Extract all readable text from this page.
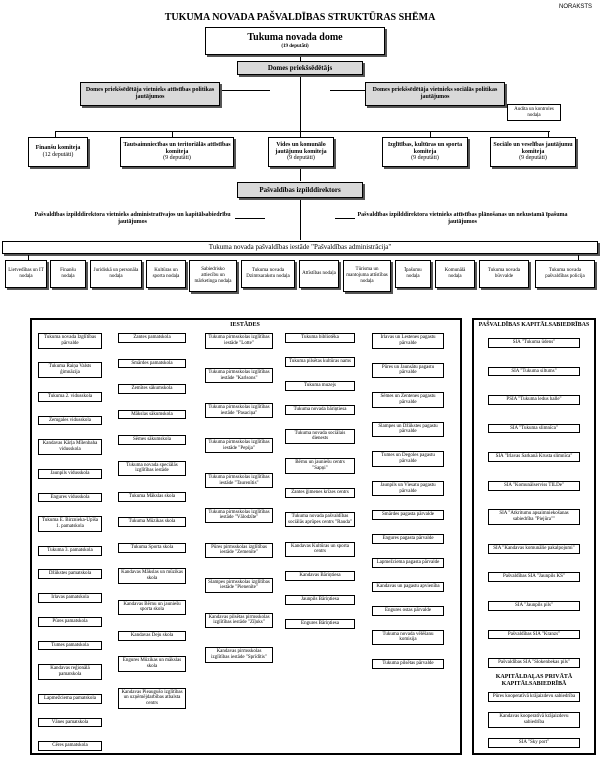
NORAKSTS
TUKUMA NOVADA PAŠVALDĪBAS STRUKTŪRAS SHĒMA
Tukuma novada dome
(19 deputāti)
Domes priekšsēdētājs
Domes priekšsēdētāja vietnieks attīstības politikas jautājumos
Domes priekšsēdētāja vietnieks sociālās politikas jautājumos
Audita un kontroles nodaļa
Finanšu komiteja
(12 deputāti)
Tautsaimniecības un teritoriālās attīstības komiteja
(9 deputāti)
Vides un komunālo jautājumu komiteja
(9 deputāti)
Izglītības, kultūras un sporta komiteja
(9 deputāti)
Sociālo un veselības jautājumu komiteja
(9 deputāti)
Pašvaldības izpilddirektors
Pašvaldības izpilddirektora vietnieks administratīvajos un kapitālsabiedrību jautājumos
Pašvaldības izpilddirektora vietnieks attīstības plānošanas un nekustamā īpašuma jautājumos
Tukuma novada pašvaldības iestāde "Pašvaldības administrācija"
Lietvedības un IT nodaļa
Finanšu nodaļa
Juridiskā un personāla nodaļa
Kultūras un sporta nodaļa
Sabiedrisko attiecību un mārketinga nodaļa
Tukuma novada Dzimtsarakstu nodaļa
Attīstības nodaļa
Tūrisma un mantojuma attīstības nodaļa
Īpašumu nodaļa
Komunālā nodaļa
Tukuma novada būvvalde
Tukuma novada pašvaldības policija
IESTĀDES
Tukuma novada Izglītības pārvalde
Tukuma Raiņa Valsts ģimnāzija
Tukuma 2. vidusskola
Zemgales vidusskola
Kandavas Kārļa Mīlenbaha vidusskola
Jaunpils vidusskola
Engures vidusskola
Tukuma E. Birznieka-Upīša 1. pamatskola
Tukuma 3. pamatskola
Džūkstes pamatskola
Irlavas pamatskola
Pūres pamatskola
Tumes pamatskola
Kandavas reģionālā pamatskola
Lapmežciema pamatskola
Vānes pamatskola
Cēres pamatskola
Zantes pamatskola
Smārdes pamatskola
Zemītes sākumskola
Mākslas sākumskola
Sēmes sākumskola
Tukuma novada speciālās izglītības iestāde
Tukuma Mākslas skola
Tukuma Mūzikas skola
Tukuma Sporta skola
Kandavas Mākslas un mūzikas skola
Kandavas Bērnu un jauniešu sporta skola
Kandavas Deju skola
Engures Mūzikas un mākslas skola
Kandavas Pieaugušo izglītības un uzņēmējdarbības atbalsta centrs
Tukuma pirmsskolas izglītības iestāde "Lotte"
Tukuma pirmsskolas izglītības iestāde "Karlsons"
Tukuma pirmsskolas izglītības iestāde "Pasaciņa"
Tukuma pirmsskolas izglītības iestāde "Pepija"
Tukuma pirmsskolas izglītības iestāde "Taurenītis"
Tukuma pirmsskolas izglītības iestāde "Vālodzīte"
Pūres pirmsskolas izglītības iestāde "Zemenīte"
Slampes pirmsskolas izglītības iestāde "Pienenīte"
Kandavas pilsētas pirmsskolas izglītības iestāde "Zīļuks"
Kandavas pirmsskolas izglītības iestāde "Sprīdītis"
Tukuma bibliotēka
Tukuma pilsētas kultūras nams
Tukuma muzejs
Tukuma novada bāriņtiesa
Tukuma novada sociālais dienests
Bērnu un jauniešu centrs "Sapņi"
Zantes ģimenes krīzes centrs
Tukuma novada pašvaldības sociālās aprūpes centrs "Rauda"
Kandavas Kultūras un sporta centrs
Kandavas Bāriņtiesa
Jaunpils Bāriņtiesa
Engures Bāriņtiesa
Irlavas un Lestenes pagastu pārvalde
Pūres un Jaunsātu pagastu pārvalde
Sēmes un Zentenes pagastu pārvalde
Slampes un Džūkstes pagastu pārvalde
Tumes un Degoles pagastu pārvalde
Jaunpils un Viesatu pagastu pārvalde
Smārdes pagasta pārvalde
Engures pagasta pārvalde
Lapmežciema pagasta pārvalde
Kandavas un pagastu apvienība
Engures ostas pārvalde
Tukuma novada vēlēšanu komisija
Tukuma pilsētas pārvalde
PAŠVALDĪBAS KAPITĀLSABIEDRĪBAS
SIA "Tukuma ūdens"
SIA "Tukuma siltums"
PSIA "Tukuma ledus halle"
SIA "Tukuma slimnīca"
SIA "Irlavas Sarkanā Krusta slimnīca"
SIA "Komunālserviss TILDe"
SIA "Atkritumu apsaimniekošanas sabiedrība "Piejūra""
SIA "Kandavas komunālie pakalpojumi"
Pašvaldības SIA "Jaunpils KS"
SIA "Jaunpils pils"
Pašvaldības SIA "Kranzs"
Pašvaldības SIA "Slokenbekas pils"
KAPITĀLDAĻAS PRIVĀTĀ KAPITĀLSABIEDRĪBĀ
Pūres kooperatīvā krājaizdevu sabiedrība
Kandavas kooperatīvā krājaizdevu sabiedrība
SIA "Sky port"
